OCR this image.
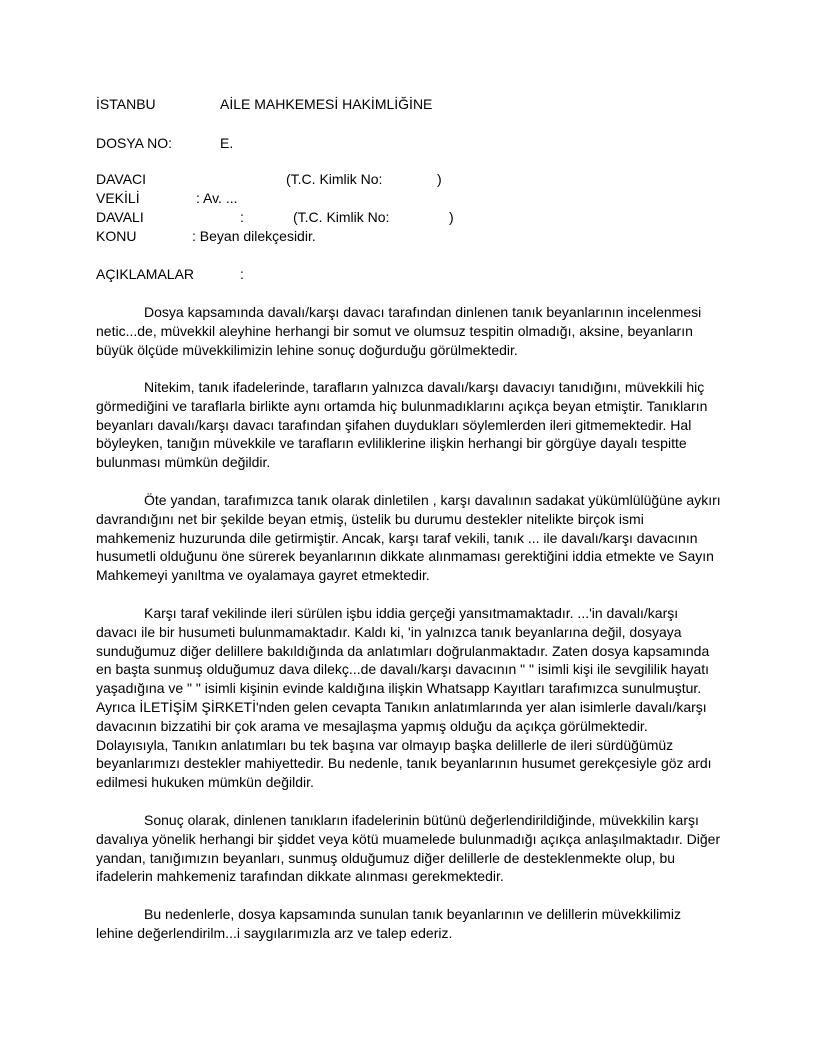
İSTANBU	AİLE MAHKEMESİ HAKİMLİĞİNE
DOSYA NO:	E.
DAVACI	(T.C. Kimlik No:	)
VEKİLİ	: Av. ...
DAVALI	:	(T.C. Kimlik No:	)
KONU	: Beyan dilekçesidir.
AÇIKLAMALAR	:
Dosya kapsamında davalı/karşı davacı tarafından dinlenen tanık beyanlarının incelenmesi netic...de, müvekkil aleyhine herhangi bir somut ve olumsuz tespitin olmadığı, aksine, beyanların büyük ölçüde müvekkilimizin lehine sonuç doğurduğu görülmektedir.
Nitekim, tanık ifadelerinde, tarafların yalnızca davalı/karşı davacıyı tanıdığını, müvekkili hiç görmediğini ve taraflarla birlikte aynı ortamda hiç bulunmadıklarını açıkça beyan etmiştir. Tanıkların beyanları davalı/karşı davacı tarafından şifahen duydukları söylemlerden ileri gitmemektedir. Hal böyleyken, tanığın müvekkile ve tarafların evliliklerine ilişkin herhangi bir görgüye dayalı tespitte bulunması mümkün değildir.
Öte yandan, tarafımızca tanık olarak dinletilen , karşı davalının sadakat yükümlülüğüne aykırı davrandığını net bir şekilde beyan etmiş, üstelik bu durumu destekler nitelikte birçok ismi mahkemeniz huzurunda dile getirmiştir. Ancak, karşı taraf vekili, tanık ... ile davalı/karşı davacının husumetli olduğunu öne sürerek beyanlarının dikkate alınmaması gerektiğini iddia etmekte ve Sayın Mahkemeyi yanıltma ve oyalamaya gayret etmektedir.
Karşı taraf vekilinde ileri sürülen işbu iddia gerçeği yansıtmamaktadır. ...'in davalı/karşı davacı ile bir husumeti bulunmamaktadır. Kaldı ki, 'in yalnızca tanık beyanlarına değil, dosyaya sunduğumuz diğer delillere bakıldığında da anlatımları doğrulanmaktadır. Zaten dosya kapsamında en başta sunmuş olduğumuz dava dilekç...de davalı/karşı davacının " " isimli kişi ile sevgililik hayatı yaşadığına ve " " isimli kişinin evinde kaldığına ilişkin Whatsapp Kayıtları tarafımızca sunulmuştur. Ayrıca İLETİŞİM ŞİRKETİ'nden gelen cevapta Tanıkın anlatımlarında yer alan isimlerle davalı/karşı davacının bizzatihi bir çok arama ve mesajlaşma yapmış olduğu da açıkça görülmektedir. Dolayısıyla, Tanıkın anlatımları bu tek başına var olmayıp başka delillerle de ileri sürdüğümüz beyanlarımızı destekler mahiyettedir. Bu nedenle, tanık beyanlarının husumet gerekçesiyle göz ardı edilmesi hukuken mümkün değildir.
Sonuç olarak, dinlenen tanıkların ifadelerinin bütünü değerlendirildiğinde, müvekkilin karşı davalıya yönelik herhangi bir şiddet veya kötü muamelede bulunmadığı açıkça anlaşılmaktadır. Diğer yandan, tanığımızın beyanları, sunmuş olduğumuz diğer delillerle de desteklenmekte olup, bu ifadelerin mahkemeniz tarafından dikkate alınması gerekmektedir.
Bu nedenlerle, dosya kapsamında sunulan tanık beyanlarının ve delillerin müvekkilimiz lehine değerlendirilm...i saygılarımızla arz ve talep ederiz.
